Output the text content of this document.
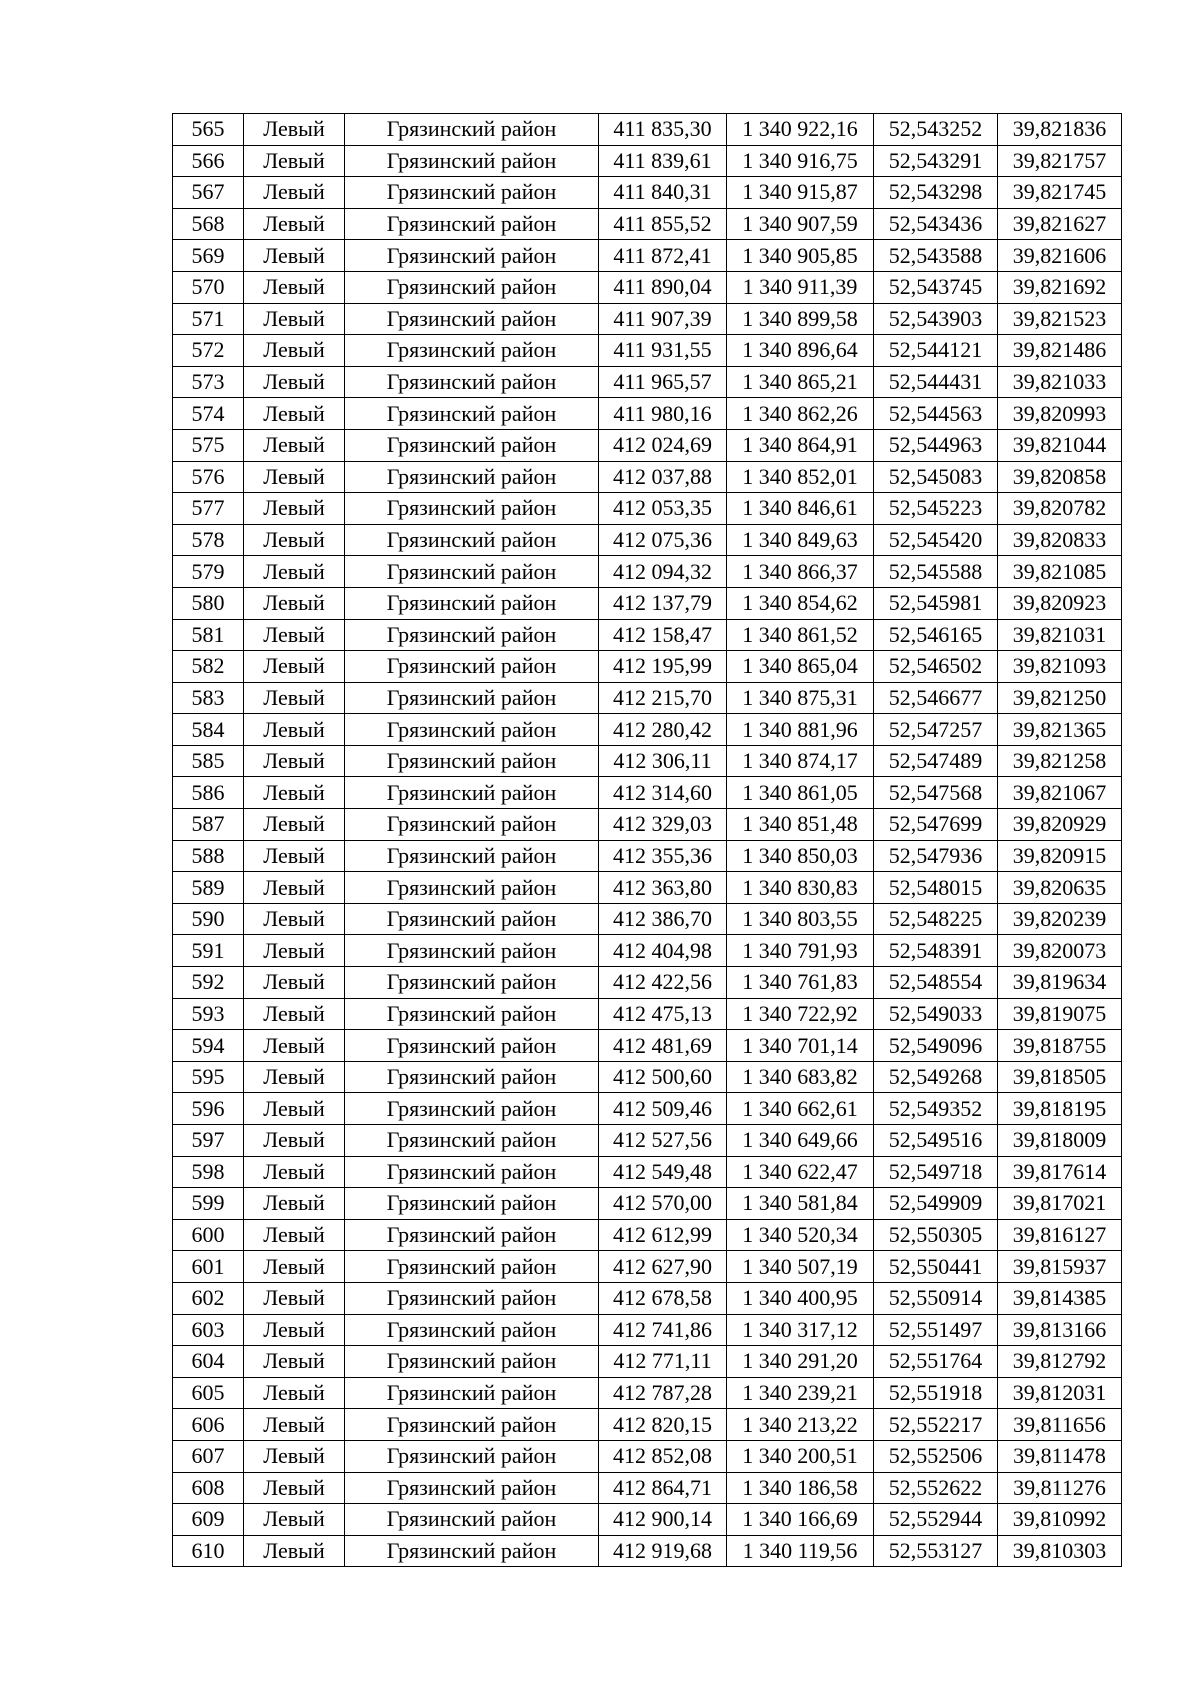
565	Левый	Грязинский район	411 835,30	1 340 922,16	52,543252	39,821836
566	Левый	Грязинский район	411 839,61	1 340 916,75	52,543291	39,821757
567	Левый	Грязинский район	411 840,31	1 340 915,87	52,543298	39,821745
568	Левый	Грязинский район	411 855,52	1 340 907,59	52,543436	39,821627
569	Левый	Грязинский район	411 872,41	1 340 905,85	52,543588	39,821606
570	Левый	Грязинский район	411 890,04	1 340 911,39	52,543745	39,821692
571	Левый	Грязинский район	411 907,39	1 340 899,58	52,543903	39,821523
572	Левый	Грязинский район	411 931,55	1 340 896,64	52,544121	39,821486
573	Левый	Грязинский район	411 965,57	1 340 865,21	52,544431	39,821033
574	Левый	Грязинский район	411 980,16	1 340 862,26	52,544563	39,820993
575	Левый	Грязинский район	412 024,69	1 340 864,91	52,544963	39,821044
576	Левый	Грязинский район	412 037,88	1 340 852,01	52,545083	39,820858
577	Левый	Грязинский район	412 053,35	1 340 846,61	52,545223	39,820782
578	Левый	Грязинский район	412 075,36	1 340 849,63	52,545420	39,820833
579	Левый	Грязинский район	412 094,32	1 340 866,37	52,545588	39,821085
580	Левый	Грязинский район	412 137,79	1 340 854,62	52,545981	39,820923
581	Левый	Грязинский район	412 158,47	1 340 861,52	52,546165	39,821031
582	Левый	Грязинский район	412 195,99	1 340 865,04	52,546502	39,821093
583	Левый	Грязинский район	412 215,70	1 340 875,31	52,546677	39,821250
584	Левый	Грязинский район	412 280,42	1 340 881,96	52,547257	39,821365
585	Левый	Грязинский район	412 306,11	1 340 874,17	52,547489	39,821258
586	Левый	Грязинский район	412 314,60	1 340 861,05	52,547568	39,821067
587	Левый	Грязинский район	412 329,03	1 340 851,48	52,547699	39,820929
588	Левый	Грязинский район	412 355,36	1 340 850,03	52,547936	39,820915
589	Левый	Грязинский район	412 363,80	1 340 830,83	52,548015	39,820635
590	Левый	Грязинский район	412 386,70	1 340 803,55	52,548225	39,820239
591	Левый	Грязинский район	412 404,98	1 340 791,93	52,548391	39,820073
592	Левый	Грязинский район	412 422,56	1 340 761,83	52,548554	39,819634
593	Левый	Грязинский район	412 475,13	1 340 722,92	52,549033	39,819075
594	Левый	Грязинский район	412 481,69	1 340 701,14	52,549096	39,818755
595	Левый	Грязинский район	412 500,60	1 340 683,82	52,549268	39,818505
596	Левый	Грязинский район	412 509,46	1 340 662,61	52,549352	39,818195
597	Левый	Грязинский район	412 527,56	1 340 649,66	52,549516	39,818009
598	Левый	Грязинский район	412 549,48	1 340 622,47	52,549718	39,817614
599	Левый	Грязинский район	412 570,00	1 340 581,84	52,549909	39,817021
600	Левый	Грязинский район	412 612,99	1 340 520,34	52,550305	39,816127
601	Левый	Грязинский район	412 627,90	1 340 507,19	52,550441	39,815937
602	Левый	Грязинский район	412 678,58	1 340 400,95	52,550914	39,814385
603	Левый	Грязинский район	412 741,86	1 340 317,12	52,551497	39,813166
604	Левый	Грязинский район	412 771,11	1 340 291,20	52,551764	39,812792
605	Левый	Грязинский район	412 787,28	1 340 239,21	52,551918	39,812031
606	Левый	Грязинский район	412 820,15	1 340 213,22	52,552217	39,811656
607	Левый	Грязинский район	412 852,08	1 340 200,51	52,552506	39,811478
608	Левый	Грязинский район	412 864,71	1 340 186,58	52,552622	39,811276
609	Левый	Грязинский район	412 900,14	1 340 166,69	52,552944	39,810992
610	Левый	Грязинский район	412 919,68	1 340 119,56	52,553127	39,810303
